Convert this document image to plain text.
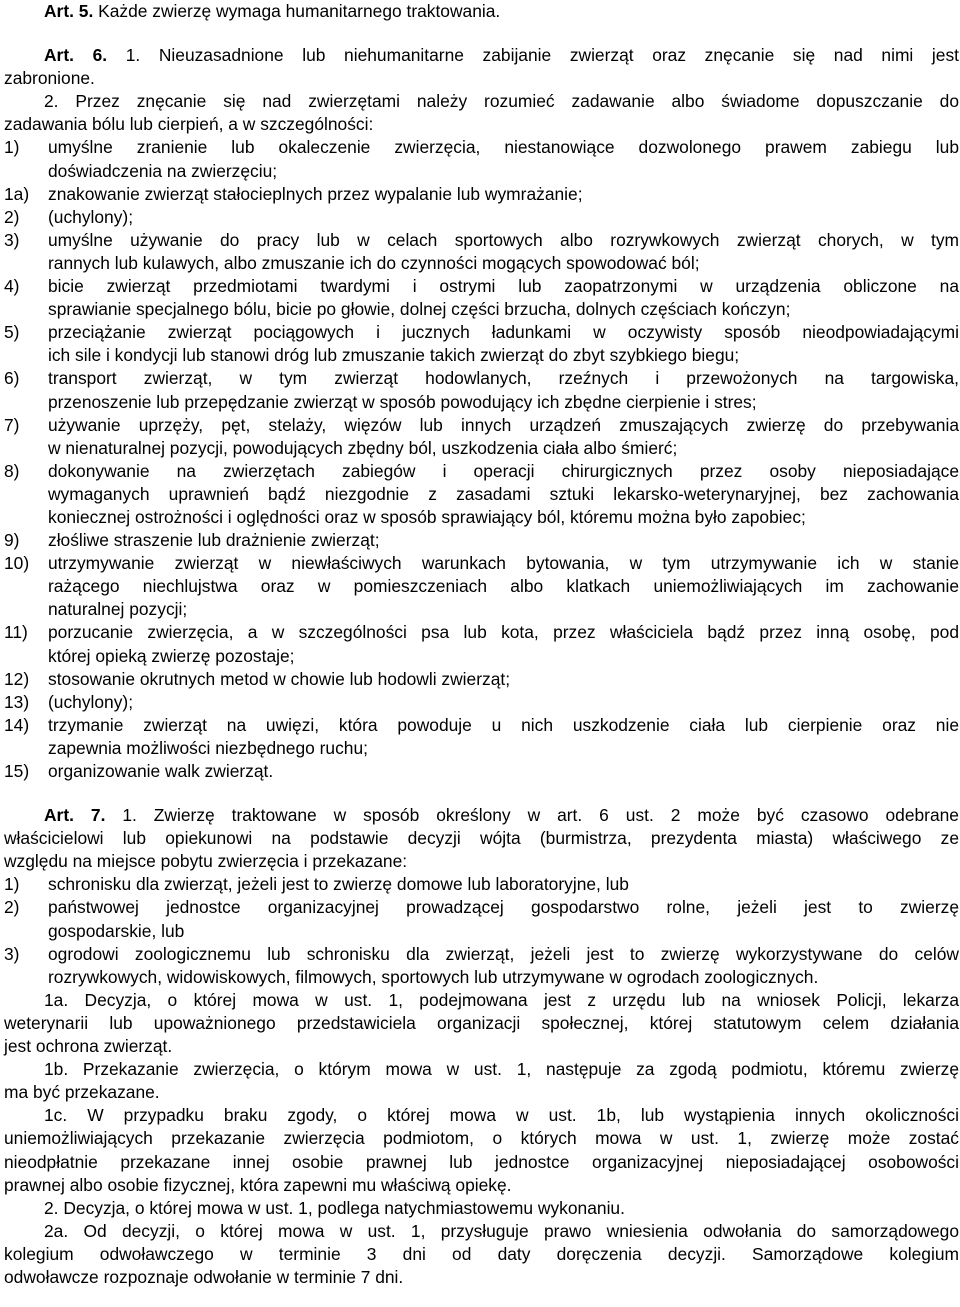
Art. 5. Każde zwierzę wymaga humanitarnego traktowania.
Art. 6. 1. Nieuzasadnione lub niehumanitarne zabijanie zwierząt oraz znęcanie się nad nimi jest
zabronione.
2. Przez znęcanie się nad zwierzętami należy rozumieć zadawanie albo świadome dopuszczanie do
zadawania bólu lub cierpień, a w szczególności:
1) umyślne zranienie lub okaleczenie zwierzęcia, niestanowiące dozwolonego prawem zabiegu lub
doświadczenia na zwierzęciu;
1a) znakowanie zwierząt stałocieplnych przez wypalanie lub wymrażanie;
2) (uchylony);
3) umyślne używanie do pracy lub w celach sportowych albo rozrywkowych zwierząt chorych, w tym
rannych lub kulawych, albo zmuszanie ich do czynności mogących spowodować ból;
4) bicie zwierząt przedmiotami twardymi i ostrymi lub zaopatrzonymi w urządzenia obliczone na
sprawianie specjalnego bólu, bicie po głowie, dolnej części brzucha, dolnych częściach kończyn;
5) przeciążanie zwierząt pociągowych i jucznych ładunkami w oczywisty sposób nieodpowiadającymi
ich sile i kondycji lub stanowi dróg lub zmuszanie takich zwierząt do zbyt szybkiego biegu;
6) transport zwierząt, w tym zwierząt hodowlanych, rzeźnych i przewożonych na targowiska,
przenoszenie lub przepędzanie zwierząt w sposób powodujący ich zbędne cierpienie i stres;
7) używanie uprzęży, pęt, stelaży, więzów lub innych urządzeń zmuszających zwierzę do przebywania
w nienaturalnej pozycji, powodujących zbędny ból, uszkodzenia ciała albo śmierć;
8) dokonywanie na zwierzętach zabiegów i operacji chirurgicznych przez osoby nieposiadające
wymaganych uprawnień bądź niezgodnie z zasadami sztuki lekarsko-weterynaryjnej, bez zachowania
koniecznej ostrożności i oględności oraz w sposób sprawiający ból, któremu można było zapobiec;
9) złośliwe straszenie lub drażnienie zwierząt;
10) utrzymywanie zwierząt w niewłaściwych warunkach bytowania, w tym utrzymywanie ich w stanie
rażącego niechlujstwa oraz w pomieszczeniach albo klatkach uniemożliwiających im zachowanie
naturalnej pozycji;
11) porzucanie zwierzęcia, a w szczególności psa lub kota, przez właściciela bądź przez inną osobę, pod
której opieką zwierzę pozostaje;
12) stosowanie okrutnych metod w chowie lub hodowli zwierząt;
13) (uchylony);
14) trzymanie zwierząt na uwięzi, która powoduje u nich uszkodzenie ciała lub cierpienie oraz nie
zapewnia możliwości niezbędnego ruchu;
15) organizowanie walk zwierząt.
Art. 7. 1. Zwierzę traktowane w sposób określony w art. 6 ust. 2 może być czasowo odebrane
właścicielowi lub opiekunowi na podstawie decyzji wójta (burmistrza, prezydenta miasta) właściwego ze
względu na miejsce pobytu zwierzęcia i przekazane:
1) schronisku dla zwierząt, jeżeli jest to zwierzę domowe lub laboratoryjne, lub
2) państwowej jednostce organizacyjnej prowadzącej gospodarstwo rolne, jeżeli jest to zwierzę
gospodarskie, lub
3) ogrodowi zoologicznemu lub schronisku dla zwierząt, jeżeli jest to zwierzę wykorzystywane do celów
rozrywkowych, widowiskowych, filmowych, sportowych lub utrzymywane w ogrodach zoologicznych.
1a. Decyzja, o której mowa w ust. 1, podejmowana jest z urzędu lub na wniosek Policji, lekarza
weterynarii lub upoważnionego przedstawiciela organizacji społecznej, której statutowym celem działania
jest ochrona zwierząt.
1b. Przekazanie zwierzęcia, o którym mowa w ust. 1, następuje za zgodą podmiotu, któremu zwierzę
ma być przekazane.
1c. W przypadku braku zgody, o której mowa w ust. 1b, lub wystąpienia innych okoliczności
uniemożliwiających przekazanie zwierzęcia podmiotom, o których mowa w ust. 1, zwierzę może zostać
nieodpłatnie przekazane innej osobie prawnej lub jednostce organizacyjnej nieposiadającej osobowości
prawnej albo osobie fizycznej, która zapewni mu właściwą opiekę.
2. Decyzja, o której mowa w ust. 1, podlega natychmiastowemu wykonaniu.
2a. Od decyzji, o której mowa w ust. 1, przysługuje prawo wniesienia odwołania do samorządowego
kolegium odwoławczego w terminie 3 dni od daty doręczenia decyzji. Samorządowe kolegium
odwoławcze rozpoznaje odwołanie w terminie 7 dni.
